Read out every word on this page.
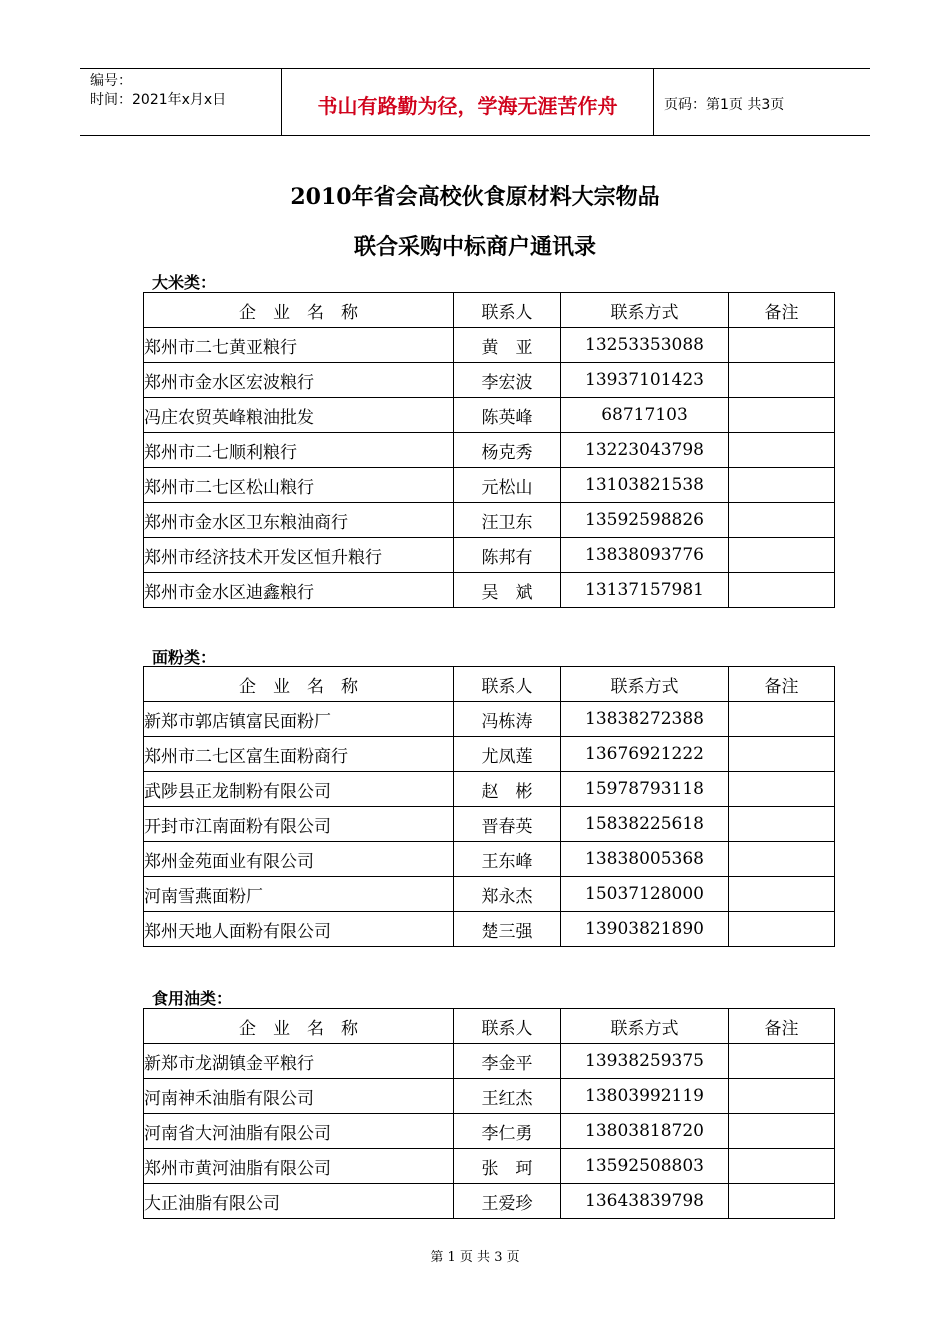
编号：
时间：2021年x月x日	书山有路勤为径，学海无涯苦作舟	页码：第1页 共3页
2010年省会高校伙食原材料大宗物品
联合采购中标商户通讯录
大米类：
企　业　名　称	联系人	联系方式	备注
郑州市二七黄亚粮行	黄　亚	13253353088	
郑州市金水区宏波粮行	李宏波	13937101423	
冯庄农贸英峰粮油批发	陈英峰	68717103	
郑州市二七顺利粮行	杨克秀	13223043798	
郑州市二七区松山粮行	元松山	13103821538	
郑州市金水区卫东粮油商行	汪卫东	13592598826	
郑州市经济技术开发区恒升粮行	陈邦有	13838093776	
郑州市金水区迪鑫粮行	吴　斌	13137157981	
面粉类：
企　业　名　称	联系人	联系方式	备注
新郑市郭店镇富民面粉厂	冯栋涛	13838272388	
郑州市二七区富生面粉商行	尤凤莲	13676921222	
武陟县正龙制粉有限公司	赵　彬	15978793118	
开封市江南面粉有限公司	晋春英	15838225618	
郑州金苑面业有限公司	王东峰	13838005368	
河南雪燕面粉厂	郑永杰	15037128000	
郑州天地人面粉有限公司	楚三强	13903821890	
食用油类：
企　业　名　称	联系人	联系方式	备注
新郑市龙湖镇金平粮行	李金平	13938259375	
河南神禾油脂有限公司	王红杰	13803992119	
河南省大河油脂有限公司	李仁勇	13803818720	
郑州市黄河油脂有限公司	张　珂	13592508803	
大正油脂有限公司	王爱珍	13643839798	
第 1 页 共 3 页
